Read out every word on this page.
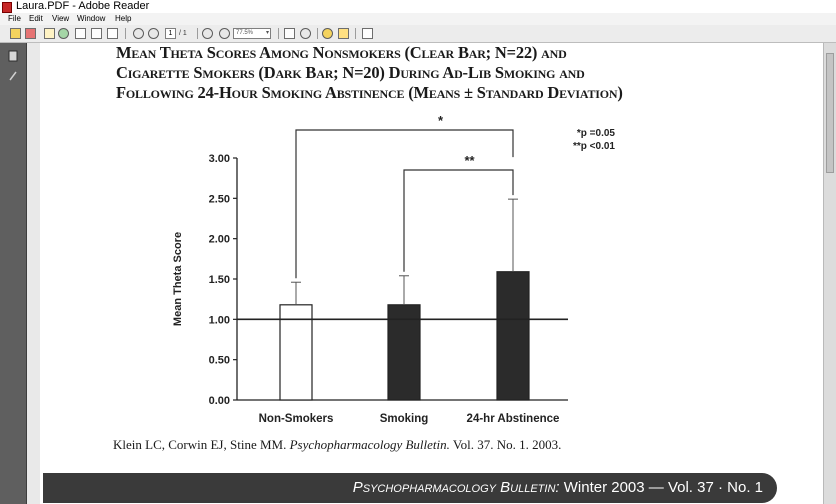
Laura.PDF - Adobe Reader
File Edit View Window Help
1
/ 1	77.5% ▾
Mean Theta Scores Among Nonsmokers (Clear Bar; N=22) and
Cigarette Smokers (Dark Bar; N=20) During Ad-Lib Smoking and
Following 24-Hour Smoking Abstinence (Means ± Standard Deviation)
0.00
0.50
1.00
1.50
2.00
2.50
3.00
Mean Theta Score
Non-Smokers	Smoking	24-hr Abstinence
*
**
*p =0.05
**p <0.01
Klein LC, Corwin EJ, Stine MM. Psychopharmacology Bulletin. Vol. 37. No. 1. 2003.
Psychopharmacology Bulletin: Winter 2003 — Vol. 37 · No. 1
